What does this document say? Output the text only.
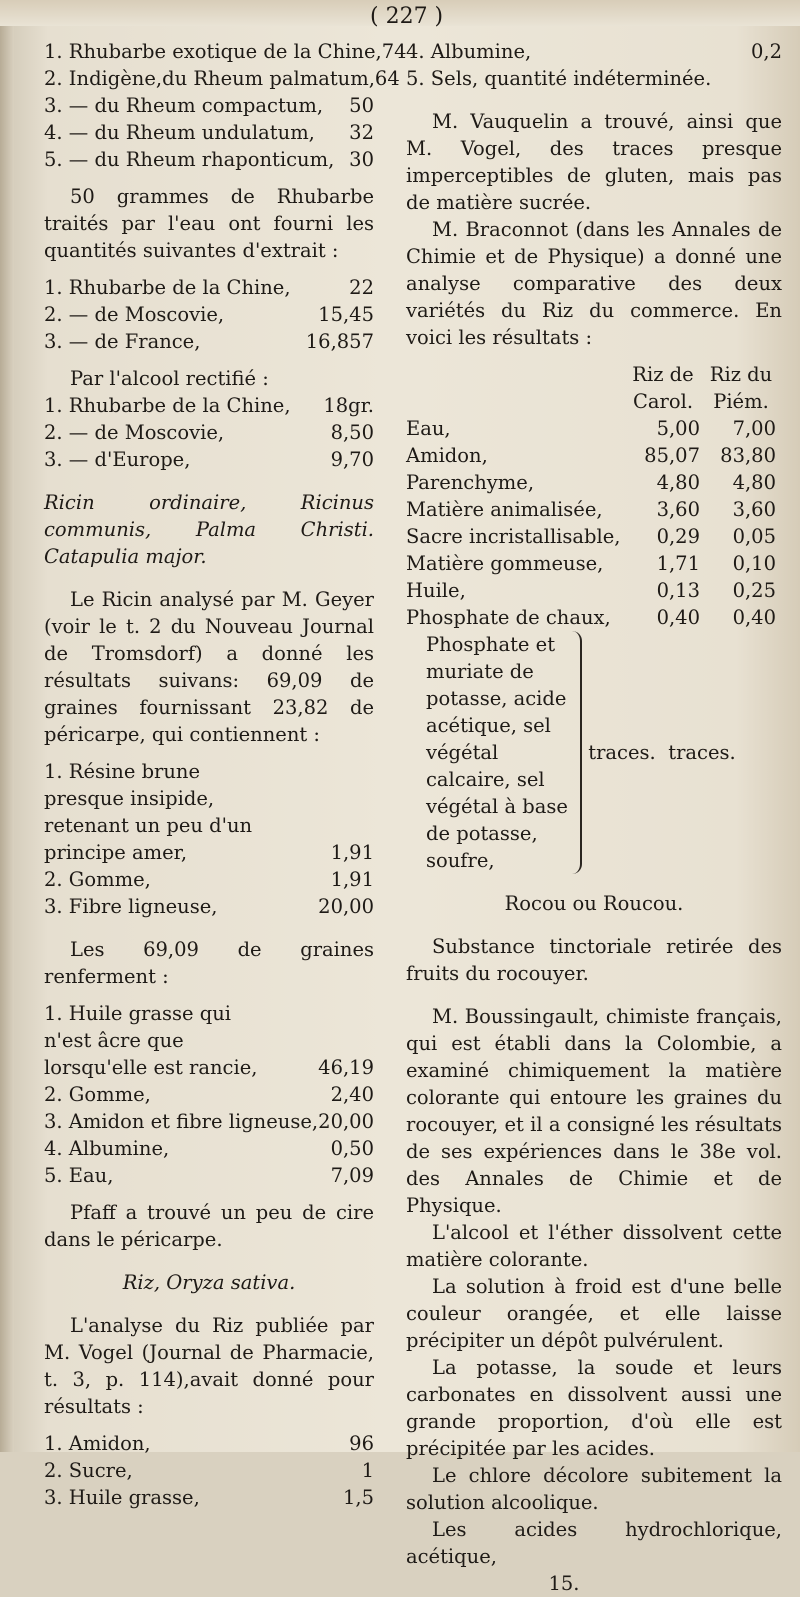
( 227 )
1. Rhubarbe exotique de la Chine, 74
2. Indigène,du Rheum palmatum, 64
3. — du Rheum compactum, 50
4. — du Rheum undulatum, 32
5. — du Rheum rhaponticum, 30

50 grammes de Rhubarbe traités par l'eau ont fourni les quantités suivantes d'extrait :

1. Rhubarbe de la Chine,	22
2. — de Moscovie,	15,45
3. — de France,	16,857

Par l'alcool rectifié :

1. Rhubarbe de la Chine, 18gr.
2. — de Moscovie,	8,50
3. — d'Europe,	9,70

Ricin ordinaire, Ricinus communis, Palma Christi. Catapulia major.

Le Ricin analysé par M. Geyer (voir le t. 2 du Nouveau Journal de Tromsdorf) a donné les résultats suivans: 69,09 de graines fournissant 23,82 de péricarpe, qui contiennent :

1. Résine brune presque insipide, retenant un peu d'un principe amer,	1,91
2. Gomme,	1,91
3. Fibre ligneuse,	20,00

Les 69,09 de graines renferment :

1. Huile grasse qui n'est âcre que lorsqu'elle est rancie,	46,19
2. Gomme,	2,40
3. Amidon et fibre ligneuse, 20,00
4. Albumine,	0,50
5. Eau,	7,09

Pfaff a trouvé un peu de cire dans le péricarpe.

Riz, Oryza sativa.

L'analyse du Riz publiée par M. Vogel (Journal de Pharmacie, t. 3, p. 114),avait donné pour résultats :

1. Amidon,	96
2. Sucre,	1
3. Huile grasse,	1,5
4. Albumine,	0,2
5. Sels, quantité indéterminée.

M. Vauquelin a trouvé, ainsi que M. Vogel, des traces presque imperceptibles de gluten, mais pas de matière sucrée.

M. Braconnot (dans les Annales de Chimie et de Physique) a donné une analyse comparative des deux variétés du Riz du commerce. En voici les résultats :

Riz de Carol.
Riz du Piém.
Eau,	5,00	7,00
Amidon,	85,07	83,80
Parenchyme,	4,80	4,80
Matière animalisée,	3,60	3,60
Sacre incristallisable,	0,29	0,05
Matière gommeuse,	1,71	0,10
Huile,	0,13	0,25
Phosphate de chaux,	0,40	0,40
Phosphate et muriate de potasse, acide acétique, sel végétal calcaire, sel végétal à base de potasse, soufre,
traces. traces.

Rocou ou Roucou.

Substance tinctoriale retirée des fruits du rocouyer.

M. Boussingault, chimiste français, qui est établi dans la Colombie, a examiné chimiquement la matière colorante qui entoure les graines du rocouyer, et il a consigné les résultats de ses expériences dans le 38e vol. des Annales de Chimie et de Physique.

L'alcool et l'éther dissolvent cette matière colorante.

La solution à froid est d'une belle couleur orangée, et elle laisse précipiter un dépôt pulvérulent.

La potasse, la soude et leurs carbonates en dissolvent aussi une grande proportion, d'où elle est précipitée par les acides.

Le chlore décolore subitement la solution alcoolique.

Les acides hydrochlorique, acétique,

15.
